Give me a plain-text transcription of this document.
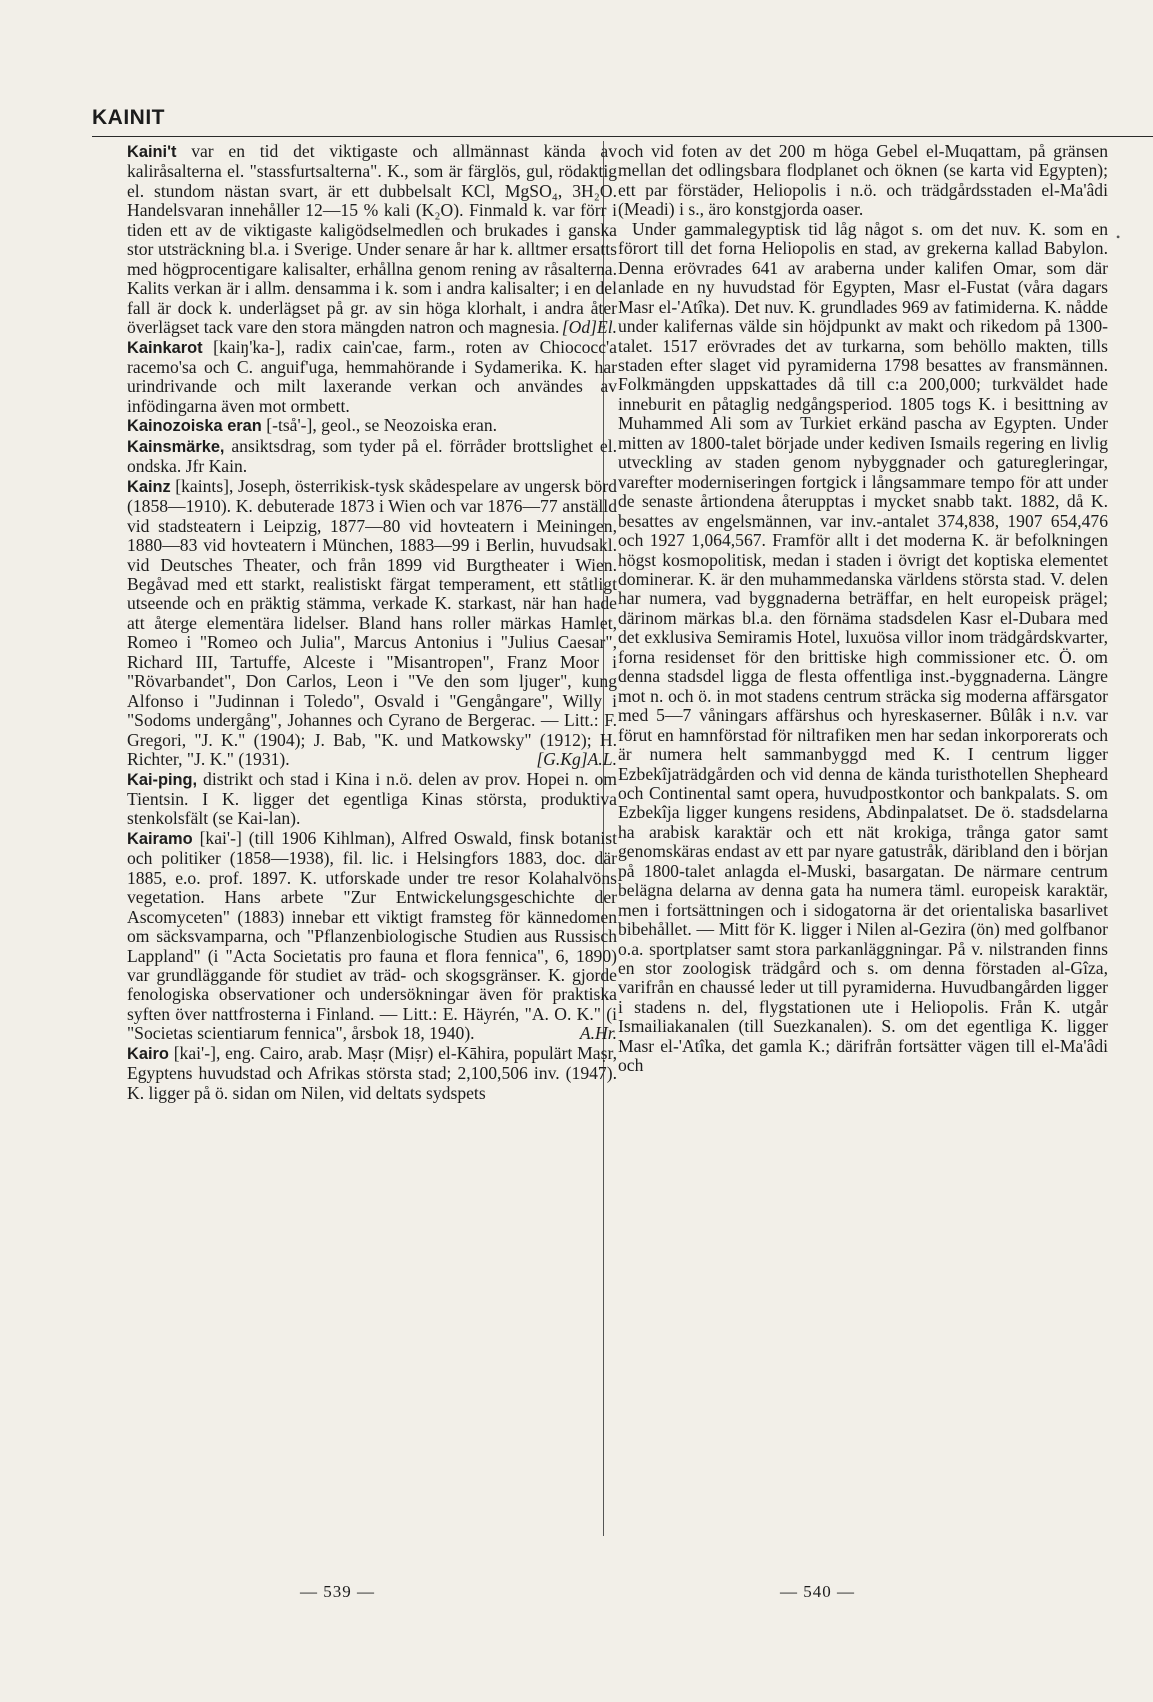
KAINIT
•

Kaini't var en tid det viktigaste och allmännast kända av kaliråsalterna el. "stassfurtsalterna". K., som är färglös, gul, rödaktig el. stundom nästan svart, är ett dubbelsalt KCl, MgSO₄, 3H₂O. Handelsvaran innehåller 12—15 % kali (K₂O). Finmald k. var förr i tiden ett av de viktigaste kaligödselmedlen och brukades i ganska stor utsträckning bl.a. i Sverige. Under senare år har k. alltmer ersatts med högprocentigare kalisalter, erhållna genom rening av råsalterna. Kalits verkan är i allm. densamma i k. som i andra kalisalter; i en del fall är dock k. underlägset på gr. av sin höga klorhalt, i andra åter överlägset tack vare den stora mängden natron och magnesia. [Od]El.

Kainkarot [kaiŋ'ka-], radix cain'cae, farm., roten av Chiococc'a racemo'sa och C. anguif'uga, hemmahörande i Sydamerika. K. har urindrivande och milt laxerande verkan och användes av infödingarna även mot ormbett.

Kainozoiska eran [-tså'-], geol., se Neozoiska eran.

Kainsmärke, ansiktsdrag, som tyder på el. förråder brottslighet el. ondska. Jfr Kain.

Kainz [kaints], Joseph, österrikisk-tysk skådespelare av ungersk börd (1858—1910). K. debuterade 1873 i Wien och var 1876—77 anställd vid stadsteatern i Leipzig, 1877—80 vid hovteatern i Meiningen, 1880—83 vid hovteatern i München, 1883—99 i Berlin, huvudsakl. vid Deutsches Theater, och från 1899 vid Burgtheater i Wien. Begåvad med ett starkt, realistiskt färgat temperament, ett ståtligt utseende och en präktig stämma, verkade K. starkast, när han hade att återge elementära lidelser. Bland hans roller märkas Hamlet, Romeo i "Romeo och Julia", Marcus Antonius i "Julius Caesar", Richard III, Tartuffe, Alceste i "Misantropen", Franz Moor i "Rövarbandet", Don Carlos, Leon i "Ve den som ljuger", kung Alfonso i "Judinnan i Toledo", Osvald i "Gengångare", Willy i "Sodoms undergång", Johannes och Cyrano de Bergerac. — Litt.: F. Gregori, "J. K." (1904); J. Bab, "K. und Matkowsky" (1912); H. Richter, "J. K." (1931).	[G.Kg]A.L.

Kai-ping, distrikt och stad i Kina i n.ö. delen av prov. Hopei n. om Tientsin. I K. ligger det egentliga Kinas största, produktiva stenkolsfält (se Kai-lan).

Kairamo [kai'-] (till 1906 Kihlman), Alfred Oswald, finsk botanist och politiker (1858—1938), fil. lic. i Helsingfors 1883, doc. där 1885, e.o. prof. 1897. K. utforskade under tre resor Kolahalvöns vegetation. Hans arbete "Zur Entwickelungsgeschichte der Ascomyceten" (1883) innebar ett viktigt framsteg för kännedomen om säcksvamparna, och "Pflanzenbiologische Studien aus Russisch Lappland" (i "Acta Societatis pro fauna et flora fennica", 6, 1890) var grundläggande för studiet av träd- och skogsgränser. K. gjorde fenologiska observationer och undersökningar även för praktiska syften över nattfrosterna i Finland. — Litt.: E. Häyrén, "A. O. K." (i "Societas scientiarum fennica", årsbok 18, 1940).	A.Hr.

Kairo [kai'-], eng. Cairo, arab. Maṣr (Miṣr) el-Kāhira, populärt Maṣr, Egyptens huvudstad och Afrikas största stad; 2,100,506 inv. (1947). K. ligger på ö. sidan om Nilen, vid deltats sydspets

och vid foten av det 200 m höga Gebel el-Muqattam, på gränsen mellan det odlingsbara flodplanet och öknen (se karta vid Egypten); ett par förstäder, Heliopolis i n.ö. och trädgårdsstaden el-Ma'âdi (Meadi) i s., äro konstgjorda oaser.

Under gammalegyptisk tid låg något s. om det nuv. K. som en förort till det forna Heliopolis en stad, av grekerna kallad Babylon. Denna erövrades 641 av araberna under kalifen Omar, som där anlade en ny huvudstad för Egypten, Masr el-Fustat (våra dagars Masr el-'Atîka). Det nuv. K. grundlades 969 av fatimiderna. K. nådde under kalifernas välde sin höjdpunkt av makt och rikedom på 1300-talet. 1517 erövrades det av turkarna, som behöllo makten, tills staden efter slaget vid pyramiderna 1798 besattes av fransmännen. Folkmängden uppskattades då till c:a 200,000; turkväldet hade inneburit en påtaglig nedgångsperiod. 1805 togs K. i besittning av Muhammed Ali som av Turkiet erkänd pascha av Egypten. Under mitten av 1800-talet började under kediven Ismails regering en livlig utveckling av staden genom nybyggnader och gaturegleringar, varefter moderniseringen fortgick i långsammare tempo för att under de senaste årtiondena återupptas i mycket snabb takt. 1882, då K. besattes av engelsmännen, var inv.-antalet 374,838, 1907 654,476 och 1927 1,064,567. Framför allt i det moderna K. är befolkningen högst kosmopolitisk, medan i staden i övrigt det koptiska elementet dominerar. K. är den muhammedanska världens största stad. V. delen har numera, vad byggnaderna beträffar, en helt europeisk prägel; därinom märkas bl.a. den förnäma stadsdelen Kasr el-Dubara med det exklusiva Semiramis Hotel, luxuösa villor inom trädgårdskvarter, forna residenset för den brittiske high commissioner etc. Ö. om denna stadsdel ligga de flesta offentliga inst.-byggnaderna. Längre mot n. och ö. in mot stadens centrum sträcka sig moderna affärsgator med 5—7 våningars affärshus och hyreskaserner. Bûlâk i n.v. var förut en hamnförstad för niltrafiken men har sedan inkorporerats och är numera helt sammanbyggd med K. I centrum ligger Ezbekîjaträdgården och vid denna de kända turisthotellen Shepheard och Continental samt opera, huvudpostkontor och bankpalats. S. om Ezbekîja ligger kungens residens, Abdinpalatset. De ö. stadsdelarna ha arabisk karaktär och ett nät krokiga, trånga gator samt genomskäras endast av ett par nyare gatustråk, däribland den i början på 1800-talet anlagda el-Muski, basargatan. De närmare centrum belägna delarna av denna gata ha numera täml. europeisk karaktär, men i fortsättningen och i sidogatorna är det orientaliska basarlivet bibehållet. — Mitt för K. ligger i Nilen al-Gezira (ön) med golfbanor o.a. sportplatser samt stora parkanläggningar. På v. nilstranden finns en stor zoologisk trädgård och s. om denna förstaden al-Gîza, varifrån en chaussé leder ut till pyramiderna. Huvudbangården ligger i stadens n. del, flygstationen ute i Heliopolis. Från K. utgår Ismailiakanalen (till Suezkanalen). S. om det egentliga K. ligger Masr el-'Atîka, det gamla K.; därifrån fortsätter vägen till el-Ma'âdi och

— 539 —	— 540 —
